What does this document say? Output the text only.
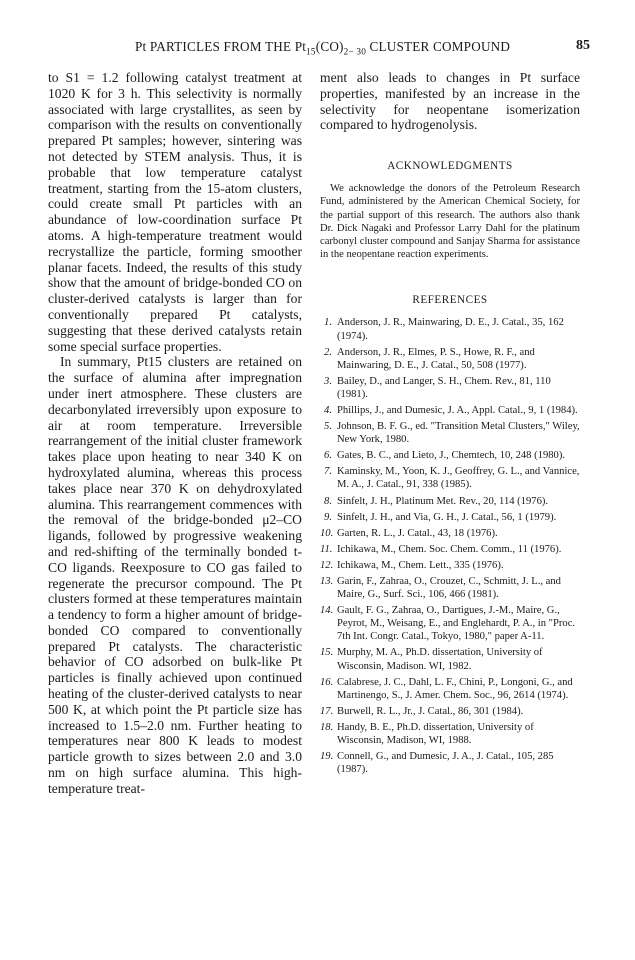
Pt PARTICLES FROM THE $Pt_{15}(CO)_{2- 30}$ CLUSTER COMPOUND	85

to S1 = 1.2 following catalyst treatment at 1020 K for 3 h. This selectivity is normally associated with large crystallites, as seen by comparison with the results on conventionally prepared Pt samples; however, sintering was not detected by STEM analysis. Thus, it is probable that low temperature catalyst treatment, starting from the 15-atom clusters, could create small Pt particles with an abundance of low-coordination surface Pt atoms. A high-temperature treatment would recrystallize the particle, forming smoother planar facets. Indeed, the results of this study show that the amount of bridge-bonded CO on cluster-derived catalysts is larger than for conventionally prepared Pt catalysts, suggesting that these derived catalysts retain some special surface properties.

In summary, Pt15 clusters are retained on the surface of alumina after impregnation under inert atmosphere. These clusters are decarbonylated irreversibly upon exposure to air at room temperature. Irreversible rearrangement of the initial cluster framework takes place upon heating to near 340 K on hydroxylated alumina, whereas this process takes place near 370 K on dehydroxylated alumina. This rearrangement commences with the removal of the bridge-bonded μ2–CO ligands, followed by progressive weakening and red-shifting of the terminally bonded t-CO ligands. Reexposure to CO gas failed to regenerate the precursor compound. The Pt clusters formed at these temperatures maintain a tendency to form a higher amount of bridge-bonded CO compared to conventionally prepared Pt catalysts. The characteristic behavior of CO adsorbed on bulk-like Pt particles is finally achieved upon continued heating of the cluster-derived catalysts to near 500 K, at which point the Pt particle size has increased to 1.5–2.0 nm. Further heating to temperatures near 800 K leads to modest particle growth to sizes between 2.0 and 3.0 nm on high surface alumina. This high-temperature treat-

ment also leads to changes in Pt surface properties, manifested by an increase in the selectivity for neopentane isomerization compared to hydrogenolysis.

ACKNOWLEDGMENTS

We acknowledge the donors of the Petroleum Research Fund, administered by the American Chemical Society, for the partial support of this research. The authors also thank Dr. Dick Nagaki and Professor Larry Dahl for the platinum carbonyl cluster compound and Sanjay Sharma for assistance in the neopentane reaction experiments.

REFERENCES

1. Anderson, J. R., Mainwaring, D. E., J. Catal., 35, 162 (1974).
2. Anderson, J. R., Elmes, P. S., Howe, R. F., and Mainwaring, D. E., J. Catal., 50, 508 (1977).
3. Bailey, D., and Langer, S. H., Chem. Rev., 81, 110 (1981).
4. Phillips, J., and Dumesic, J. A., Appl. Catal., 9, 1 (1984).
5. Johnson, B. F. G., ed. "Transition Metal Clusters," Wiley, New York, 1980.
6. Gates, B. C., and Lieto, J., Chemtech, 10, 248 (1980).
7. Kaminsky, M., Yoon, K. J., Geoffrey, G. L., and Vannice, M. A., J. Catal., 91, 338 (1985).
8. Sinfelt, J. H., Platinum Met. Rev., 20, 114 (1976).
9. Sinfelt, J. H., and Via, G. H., J. Catal., 56, 1 (1979).
10. Garten, R. L., J. Catal., 43, 18 (1976).
11. Ichikawa, M., Chem. Soc. Chem. Comm., 11 (1976).
12. Ichikawa, M., Chem. Lett., 335 (1976).
13. Garin, F., Zahraa, O., Crouzet, C., Schmitt, J. L., and Maire, G., Surf. Sci., 106, 466 (1981).
14. Gault, F. G., Zahraa, O., Dartigues, J.-M., Maire, G., Peyrot, M., Weisang, E., and Englehardt, P. A., in "Proc. 7th Int. Congr. Catal., Tokyo, 1980," paper A-11.
15. Murphy, M. A., Ph.D. dissertation, University of Wisconsin, Madison. WI, 1982.
16. Calabrese, J. C., Dahl, L. F., Chini, P., Longoni, G., and Martinengo, S., J. Amer. Chem. Soc., 96, 2614 (1974).
17. Burwell, R. L., Jr., J. Catal., 86, 301 (1984).
18. Handy, B. E., Ph.D. dissertation, University of Wisconsin, Madison, WI, 1988.
19. Connell, G., and Dumesic, J. A., J. Catal., 105, 285 (1987).
